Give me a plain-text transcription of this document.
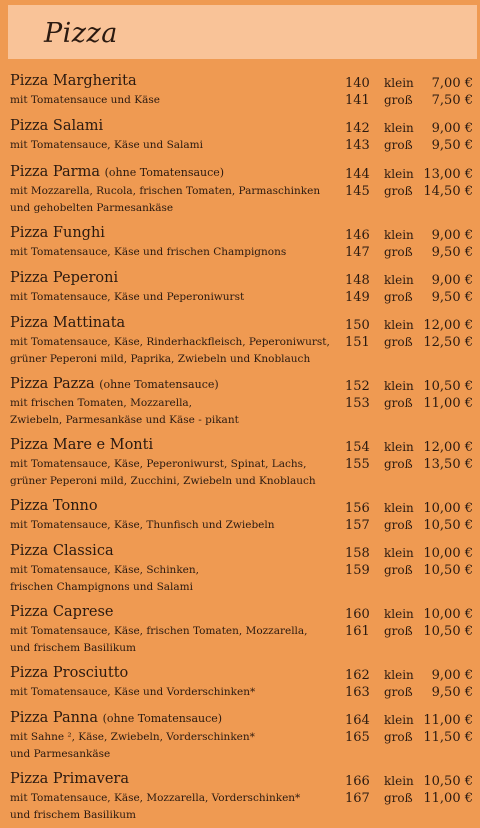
Pizza
Pizza Margherita
mit Tomatensauce und Käse
140 klein	7,00 €
141 groß	7,50 €
Pizza Salami
mit Tomatensauce, Käse und Salami
142 klein	9,00 €
143 groß	9,50 €
Pizza Parma (ohne Tomatensauce)
mit Mozzarella, Rucola, frischen Tomaten, Parmaschinken
und gehobelten Parmesankäse
144 klein 13,00 €
145 groß 14,50 €
Pizza Funghi
mit Tomatensauce, Käse und frischen Champignons
146 klein	9,00 €
147 groß	9,50 €
Pizza Peperoni
mit Tomatensauce, Käse und Peperoniwurst
148 klein	9,00 €
149 groß	9,50 €
Pizza Mattinata
mit Tomatensauce, Käse, Rinderhackfleisch, Peperoniwurst,
grüner Peperoni mild, Paprika, Zwiebeln und Knoblauch
150 klein 12,00 €
151 groß 12,50 €
Pizza Pazza (ohne Tomatensauce)
mit frischen Tomaten, Mozzarella,
Zwiebeln, Parmesankäse und Käse - pikant
152 klein 10,50 €
153 groß 11,00 €
Pizza Mare e Monti
mit Tomatensauce, Käse, Peperoniwurst, Spinat, Lachs,
grüner Peperoni mild, Zucchini, Zwiebeln und Knoblauch
154 klein 12,00 €
155 groß 13,50 €
Pizza Tonno
mit Tomatensauce, Käse, Thunfisch und Zwiebeln
156 klein 10,00 €
157 groß 10,50 €
Pizza Classica
mit Tomatensauce, Käse, Schinken,
frischen Champignons und Salami
158 klein 10,00 €
159 groß 10,50 €
Pizza Caprese
mit Tomatensauce, Käse, frischen Tomaten, Mozzarella,
und frischem Basilikum
160 klein 10,00 €
161 groß 10,50 €
Pizza Prosciutto
mit Tomatensauce, Käse und Vorderschinken*
162 klein	9,00 €
163 groß	9,50 €
Pizza Panna (ohne Tomatensauce)
mit Sahne ², Käse, Zwiebeln, Vorderschinken*
und Parmesankäse
164 klein 11,00 €
165 groß 11,50 €
Pizza Primavera
mit Tomatensauce, Käse, Mozzarella, Vorderschinken*
und frischem Basilikum
166 klein 10,50 €
167 groß 11,00 €
